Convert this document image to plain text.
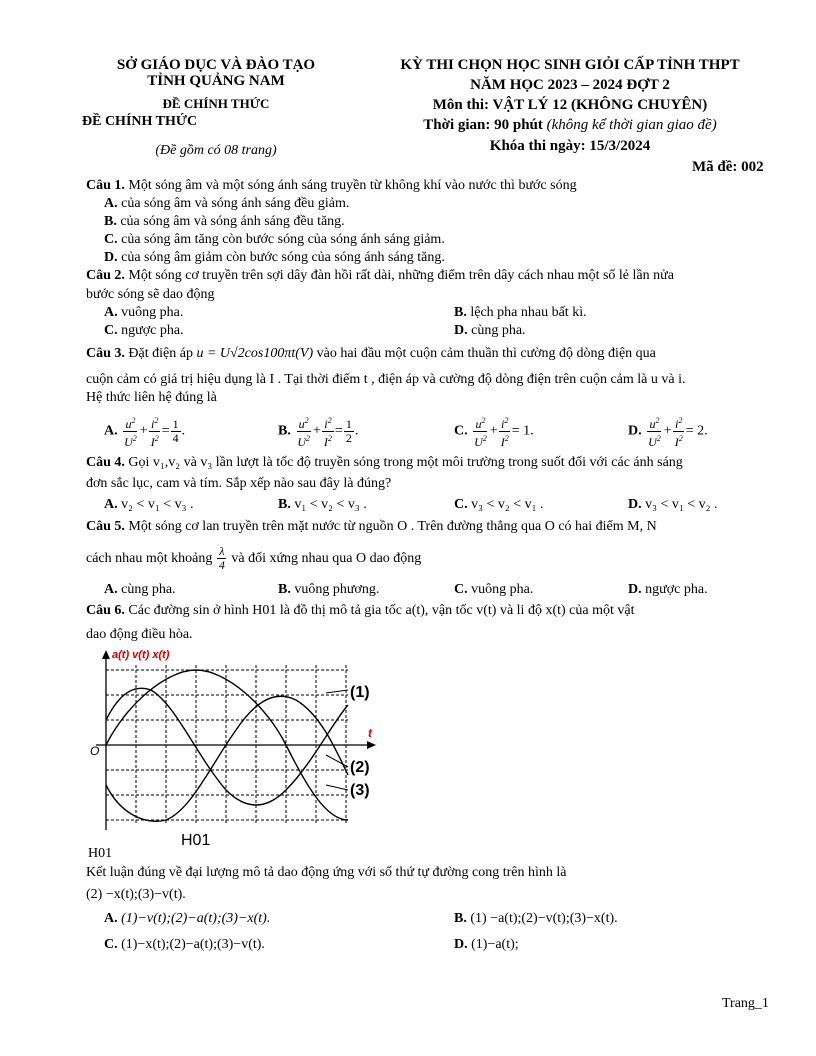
SỞ GIÁO DỤC VÀ ĐÀO TẠO
TỈNH QUẢNG NAM
ĐỀ CHÍNH THỨC
ĐỀ CHÍNH THỨC
(Đề gồm có 08 trang)
KỲ THI CHỌN HỌC SINH GIỎI CẤP TỈNH THPT
NĂM HỌC 2023 – 2024 ĐỢT 2
Môn thi: VẬT LÝ 12 (KHÔNG CHUYÊN)
Thời gian: 90 phút (không kể thời gian giao đề)
Khóa thi ngày: 15/3/2024
Mã đề: 002
Câu 1. Một sóng âm và một sóng ánh sáng truyền từ không khí vào nước thì bước sóng
A. của sóng âm và sóng ánh sáng đều giảm.
B. của sóng âm và sóng ánh sáng đều tăng.
C. của sóng âm tăng còn bước sóng của sóng ánh sáng giảm.
D. của sóng âm giảm còn bước sóng của sóng ánh sáng tăng.
Câu 2. Một sóng cơ truyền trên sợi dây đàn hồi rất dài, những điểm trên dây cách nhau một số lẻ lần nửa
bước sóng sẽ dao động
A. vuông pha.	B. lệch pha nhau bất kì.
C. ngược pha.	D. cùng pha.
Câu 3. Đặt điện áp u = U√2cos100πt(V) vào hai đầu một cuộn cảm thuần thì cường độ dòng điện qua
cuộn cảm có giá trị hiệu dụng là I . Tại thời điểm t , điện áp và cường độ dòng điện trên cuộn cảm là u và i.
Hệ thức liên hệ đúng là
A. $\frac{u^2}{U^2} + \frac{i^2}{I^2} = \frac{1}{4}$ .	B. $\frac{u^2}{U^2} + \frac{i^2}{I^2} = \frac{1}{2}$ .	C. $\frac{u^2}{U^2} + \frac{i^2}{I^2} = 1$.	D. $\frac{u^2}{U^2} + \frac{i^2}{I^2} = 2$.
Câu 4. Gọi v₁,v₂ và v₃ lần lượt là tốc độ truyền sóng trong một môi trường trong suốt đối với các ánh sáng
đơn sắc lục, cam và tím. Sắp xếp nào sau đây là đúng?
A. v₂ < v₁ < v₃ .	B. v₁ < v₂ < v₃ .	C. v₃ < v₂ < v₁ .	D. v₃ < v₁ < v₂ .
Câu 5. Một sóng cơ lan truyền trên mặt nước từ nguồn O . Trên đường thẳng qua O có hai điểm M, N
cách nhau một khoảng $\frac{\lambda}{4}$ và đối xứng nhau qua O dao động
A. cùng pha.	B. vuông phương.	C. vuông pha.	D. ngược pha.
Câu 6. Các đường sin ở hình H01 là đồ thị mô tả gia tốc a(t), vận tốc v(t) và li độ x(t) của một vật
dao động điều hòa.
a(t) v(t) x(t)
t
O
(1)
(2)
(3)
H01
H01
Kết luận đúng về đại lượng mô tả dao động ứng với số thứ tự đường cong trên hình là
(2) −x(t);(3)−v(t).
A. (1)−v(t);(2)−a(t);(3)−x(t).	B. (1) −a(t);(2)−v(t);(3)−x(t).
C. (1)−x(t);(2)−a(t);(3)−v(t).	D. (1)−a(t);
Trang_1
